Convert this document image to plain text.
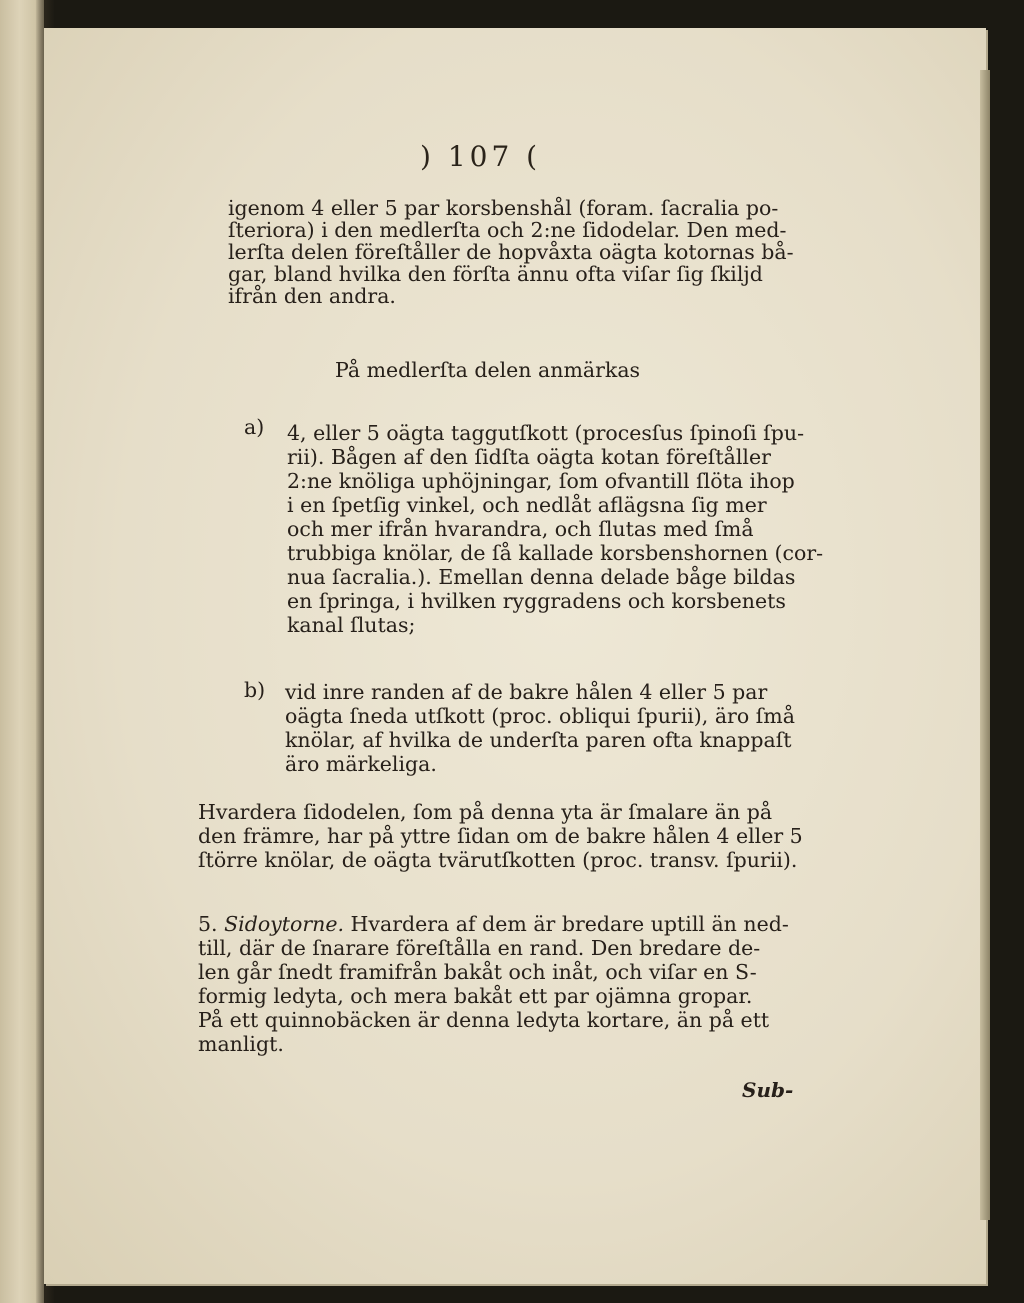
) 107 (
igenom 4 eller 5 par korsbenshål (foram. ſacralia po-
ſteriora) i den medlerſta och 2:ne ſidodelar. Den med-
lerſta delen föreſtåller de hopvåxta oägta kotornas bå-
gar, bland hvilka den förſta ännu ofta viſar ſig ſkiljd
ifrån den andra.
På medlerſta delen anmärkas
a) 4, eller 5 oägta taggutſkott (procesſus ſpinoſi ſpu-
rii). Bågen af den ſidſta oägta kotan föreſtåller
2:ne knöliga uphöjningar, ſom ofvantill ſlöta ihop
i en ſpetſig vinkel, och nedlåt aflägsna ſig mer
och mer ifrån hvarandra, och ſlutas med ſmå
trubbiga knölar, de ſå kallade korsbenshornen (cor-
nua ſacralia.). Emellan denna delade båge bildas
en ſpringa, i hvilken ryggradens och korsbenets
kanal ſlutas;
b) vid inre randen af de bakre hålen 4 eller 5 par
oägta ſneda utſkott (proc. obliqui ſpurii), äro ſmå
knölar, af hvilka de underſta paren ofta knappaſt
äro märkeliga.
Hvardera ſidodelen, ſom på denna yta är ſmalare än på
den främre, har på yttre ſidan om de bakre hålen 4 eller 5
ſtörre knölar, de oägta tvärutſkotten (proc. transv. ſpurii).
5. Sidoytorne. Hvardera af dem är bredare uptill än ned-
till, där de ſnarare föreſtålla en rand. Den bredare de-
len går ſnedt framifrån bakåt och inåt, och viſar en S-
formig ledyta, och mera bakåt ett par ojämna gropar.
På ett quinnobäcken är denna ledyta kortare, än på ett
manligt.
Sub-
